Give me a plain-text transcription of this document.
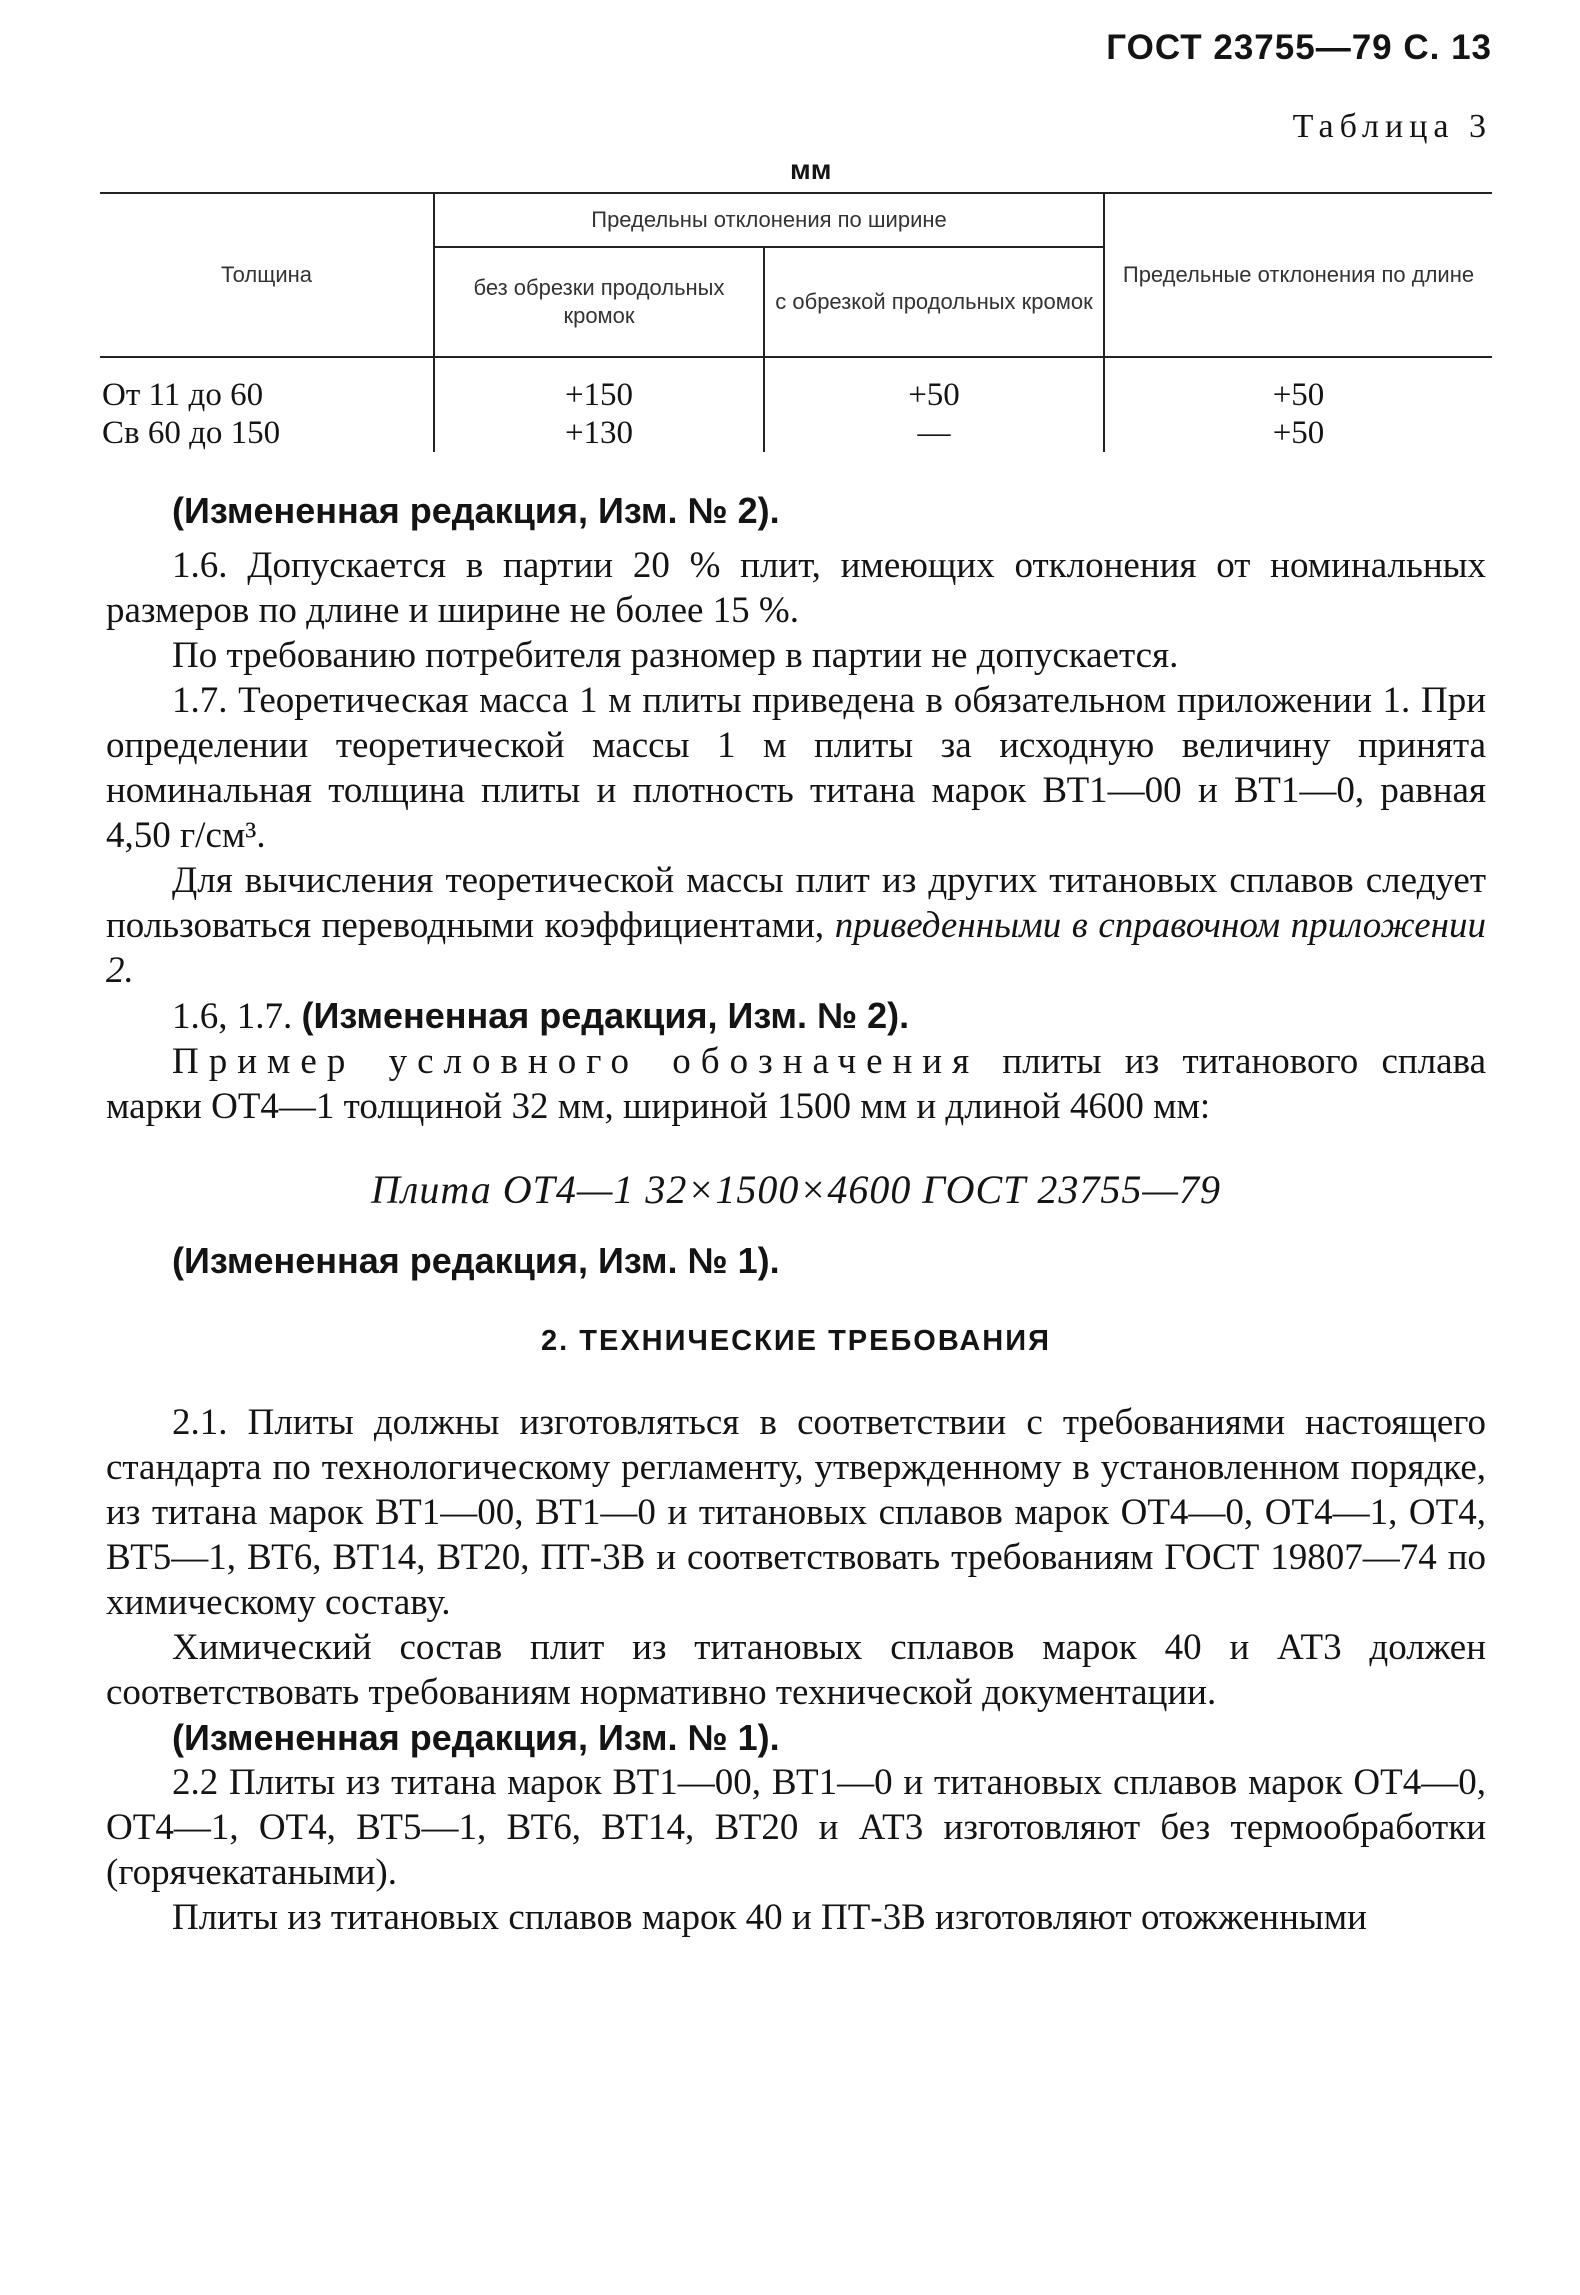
ГОСТ 23755—79 С. 13
Таблица 3
мм
Толщина	Предельны отклонения по ширине		Предельные отклонения по длине
	без обрезки продольных кромок	с обрезкой продольных кромок	
От 11 до 60	+150	+50	+50
Св 60 до 150	+130	—	+50

(Измененная редакция, Изм. № 2).

1.6. Допускается в партии 20 % плит, имеющих отклонения от номинальных размеров по длине и ширине не более 15 %.

По требованию потребителя разномер в партии не допускается.

1.7. Теоретическая масса 1 м плиты приведена в обязательном приложении 1. При определении теоретической массы 1 м плиты за исходную величину принята номинальная толщина плиты и плотность титана марок ВТ1—00 и ВТ1—0, равная 4,50 г/см³.

Для вычисления теоретической массы плит из других титановых сплавов следует пользоваться переводными коэффициентами, приведенными в справочном приложении 2.

1.6, 1.7. (Измененная редакция, Изм. № 2).

Пример условного обозначения плиты из титанового сплава марки ОТ4—1 толщиной 32 мм, шириной 1500 мм и длиной 4600 мм:

Плита ОТ4—1 32×1500×4600 ГОСТ 23755—79

(Измененная редакция, Изм. № 1).

2. ТЕХНИЧЕСКИЕ ТРЕБОВАНИЯ

2.1. Плиты должны изготовляться в соответствии с требованиями настоящего стандарта по технологическому регламенту, утвержденному в установленном порядке, из титана марок ВТ1—00, ВТ1—0 и титановых сплавов марок ОТ4—0, ОТ4—1, ОТ4, ВТ5—1, ВТ6, ВТ14, ВТ20, ПТ-3В и соответствовать требованиям ГОСТ 19807—74 по химическому составу.

Химический состав плит из титановых сплавов марок 40 и АТ3 должен соответствовать требованиям нормативно технической документации.

(Измененная редакция, Изм. № 1).

2.2 Плиты из титана марок ВТ1—00, ВТ1—0 и титановых сплавов марок ОТ4—0, ОТ4—1, ОТ4, ВТ5—1, ВТ6, ВТ14, ВТ20 и АТ3 изготовляют без термообработки (горячекатаными).

Плиты из титановых сплавов марок 40 и ПТ-3В изготовляют отожженными
